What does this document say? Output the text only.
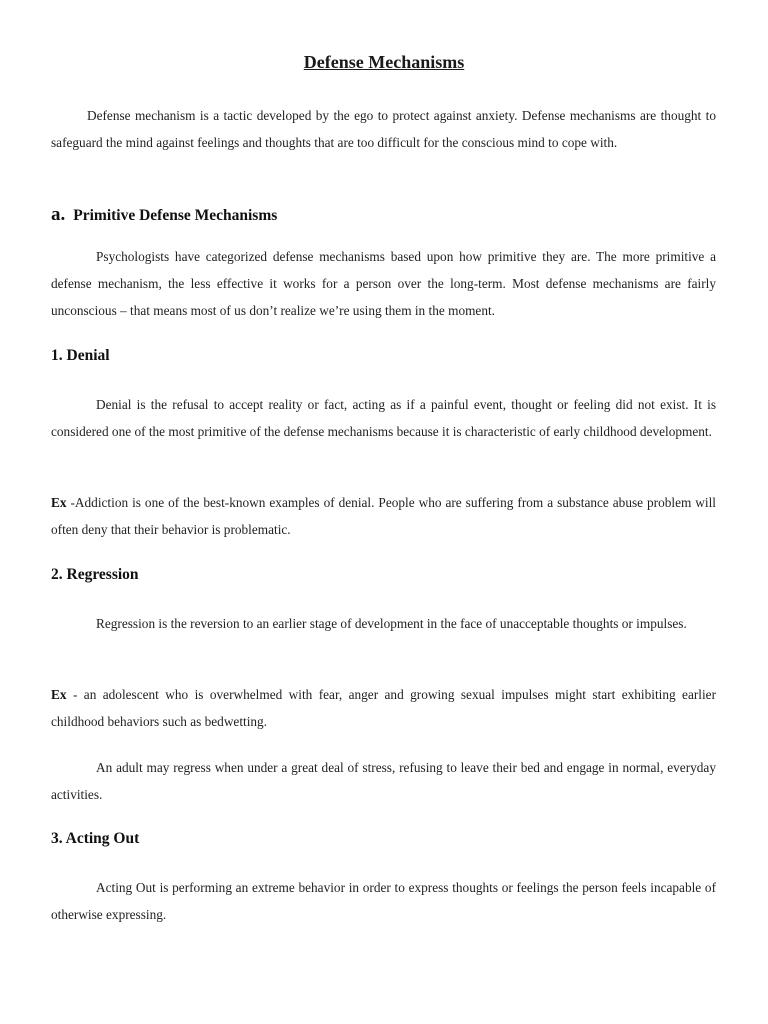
Defense Mechanisms

Defense mechanism is a tactic developed by the ego to protect against anxiety. Defense mechanisms are thought to safeguard the mind against feelings and thoughts that are too difficult for the conscious mind to cope with.

a. Primitive Defense Mechanisms

Psychologists have categorized defense mechanisms based upon how primitive they are. The more primitive a defense mechanism, the less effective it works for a person over the long-term. Most defense mechanisms are fairly unconscious – that means most of us don’t realize we’re using them in the moment.

1. Denial

Denial is the refusal to accept reality or fact, acting as if a painful event, thought or feeling did not exist. It is considered one of the most primitive of the defense mechanisms because it is characteristic of early childhood development.

Ex -Addiction is one of the best-known examples of denial. People who are suffering from a substance abuse problem will often deny that their behavior is problematic.

2. Regression

Regression is the reversion to an earlier stage of development in the face of unacceptable thoughts or impulses.

Ex - an adolescent who is overwhelmed with fear, anger and growing sexual impulses might start exhibiting earlier childhood behaviors such as bedwetting.

An adult may regress when under a great deal of stress, refusing to leave their bed and engage in normal, everyday activities.

3. Acting Out

Acting Out is performing an extreme behavior in order to express thoughts or feelings the person feels incapable of otherwise expressing.
